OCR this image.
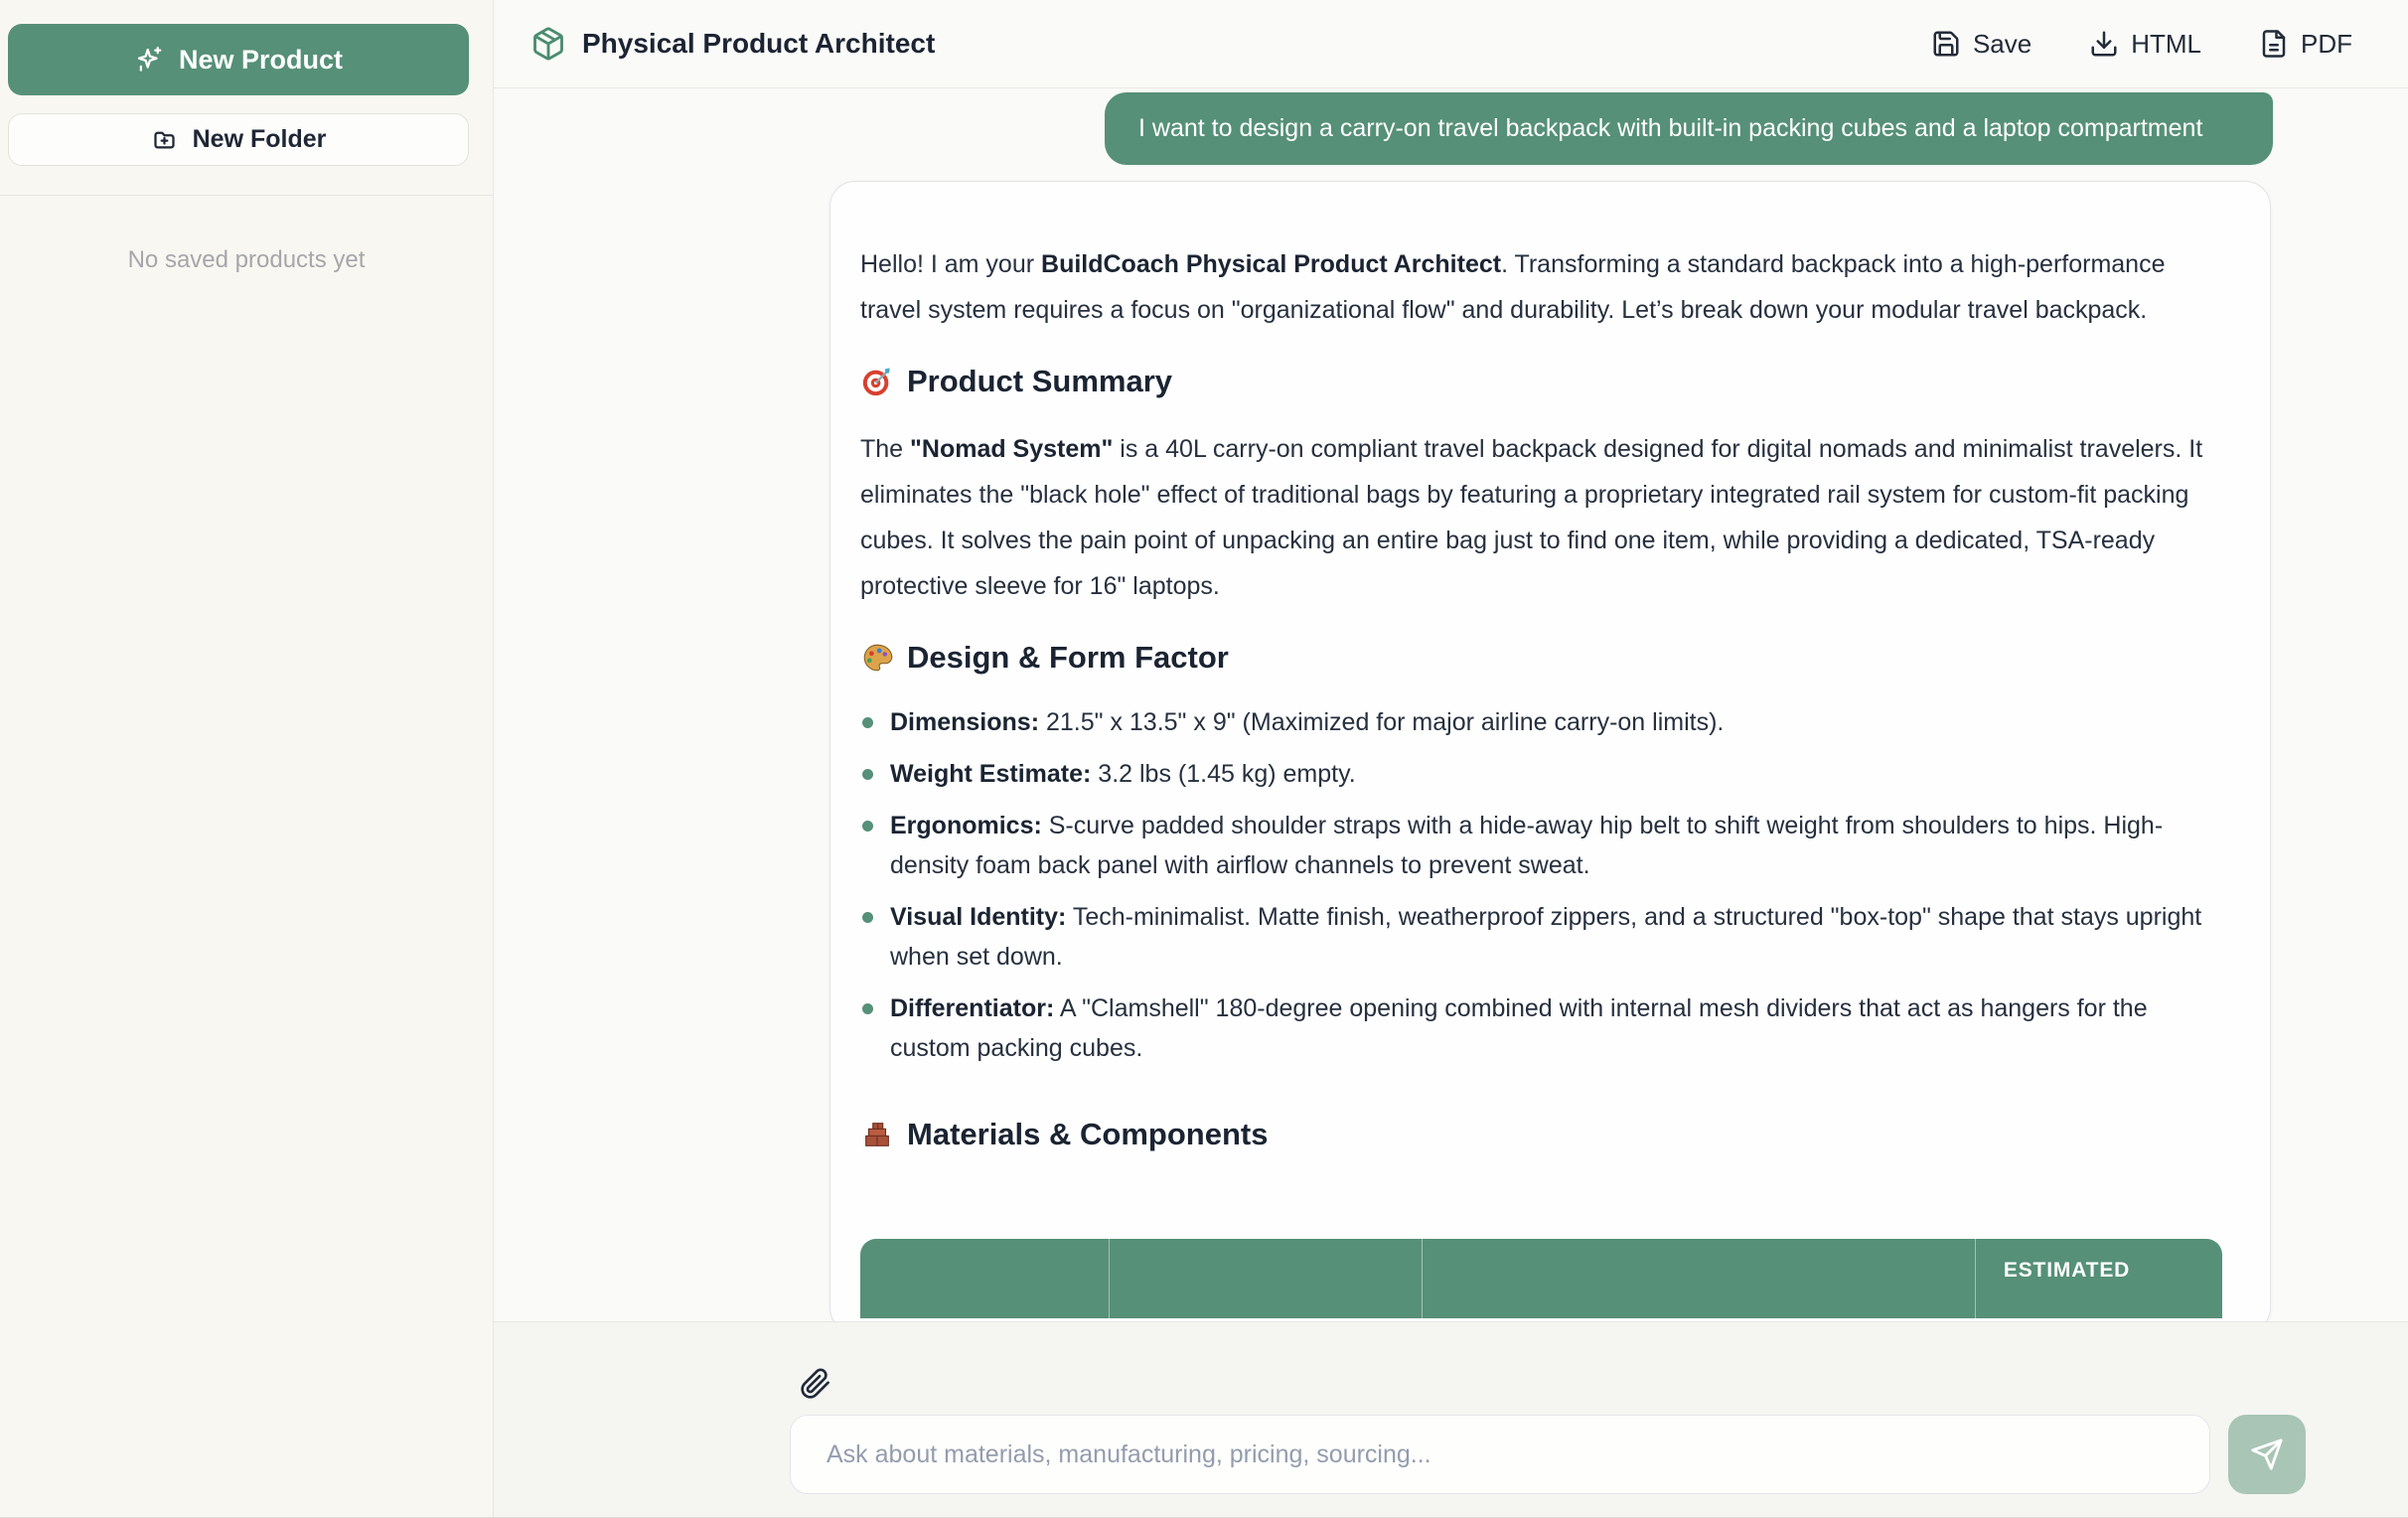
New Product
New Folder
No saved products yet
Physical Product Architect	Save	HTML	PDF
I want to design a carry-on travel backpack with built-in packing cubes and a laptop compartment

Hello! I am your BuildCoach Physical Product Architect. Transforming a standard backpack into a high-performance travel system requires a focus on "organizational flow" and durability. Let’s break down your modular travel backpack.

Product Summary

The "Nomad System" is a 40L carry-on compliant travel backpack designed for digital nomads and minimalist travelers. It eliminates the "black hole" effect of traditional bags by featuring a proprietary integrated rail system for custom-fit packing cubes. It solves the pain point of unpacking an entire bag just to find one item, while providing a dedicated, TSA-ready protective sleeve for 16" laptops.

Design & Form Factor
Dimensions: 21.5" x 13.5" x 9" (Maximized for major airline carry-on limits).
Weight Estimate: 3.2 lbs (1.45 kg) empty.
Ergonomics: S-curve padded shoulder straps with a hide-away hip belt to shift weight from shoulders to hips. High-density foam back panel with airflow channels to prevent sweat.
Visual Identity: Tech-minimalist. Matte finish, weatherproof zippers, and a structured "box-top" shape that stays upright when set down.
Differentiator: A "Clamshell" 180-degree opening combined with internal mesh dividers that act as hangers for the custom packing cubes.
Materials & Components
ESTIMATED
Ask about materials, manufacturing, pricing, sourcing...
